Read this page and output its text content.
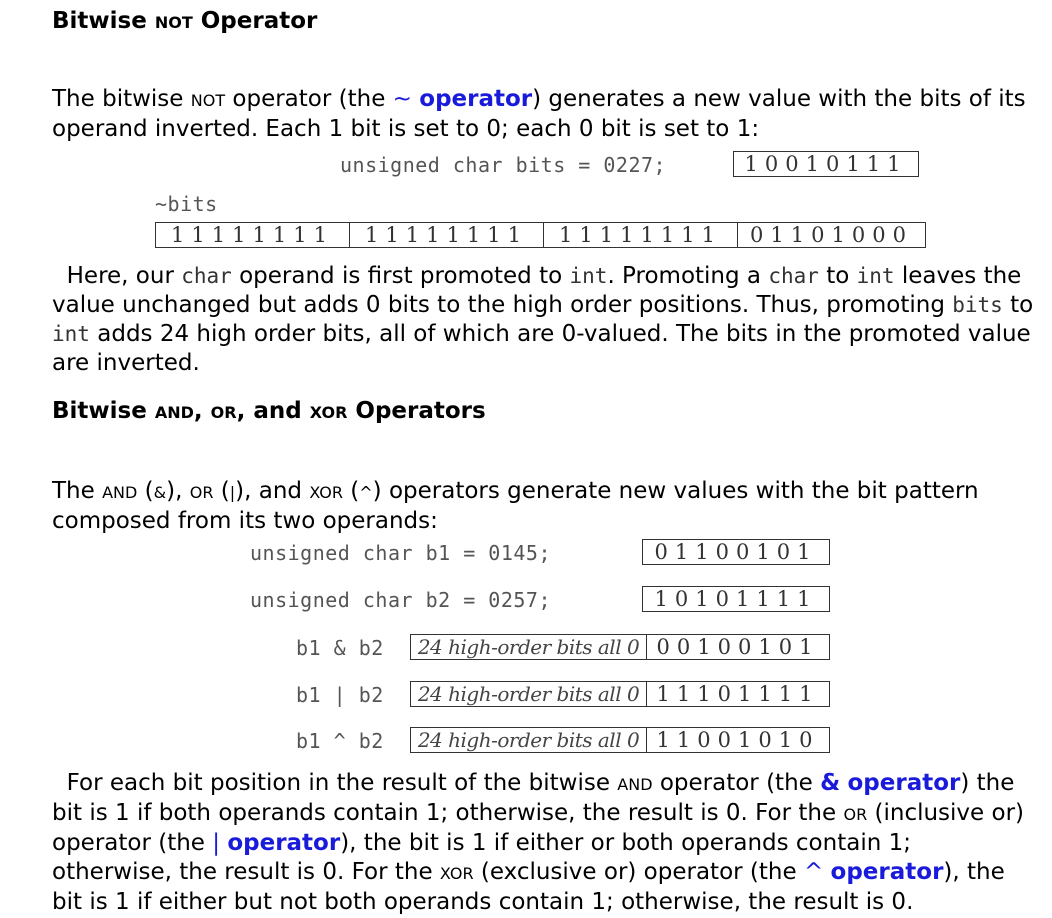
Bitwise NOT Operator
The bitwise NOT operator (the ~ operator) generates a new value with the bits of its operand inverted. Each 1 bit is set to 0; each 0 bit is set to 1:
unsigned char bits = 0227;	10010111
~bits
11111111 11111111 11111111 01101000
Here, our char operand is first promoted to int. Promoting a char to int leaves the value unchanged but adds 0 bits to the high order positions. Thus, promoting bits to int adds 24 high order bits, all of which are 0-valued. The bits in the promoted value are inverted.
Bitwise AND, OR, and XOR Operators
The AND (&), OR (|), and XOR (^) operators generate new values with the bit pattern composed from its two operands:
unsigned char b1 = 0145;	01100101
unsigned char b2 = 0257;	10101111
b1 & b2 24 high-order bits all 0 00100101
b1 | b2 24 high-order bits all 0 11101111
b1 ^ b2 24 high-order bits all 0 11001010
For each bit position in the result of the bitwise AND operator (the & operator) the bit is 1 if both operands contain 1; otherwise, the result is 0. For the OR (inclusive or) operator (the | operator), the bit is 1 if either or both operands contain 1; otherwise, the result is 0. For the XOR (exclusive or) operator (the ^ operator), the bit is 1 if either but not both operands contain 1; otherwise, the result is 0.
